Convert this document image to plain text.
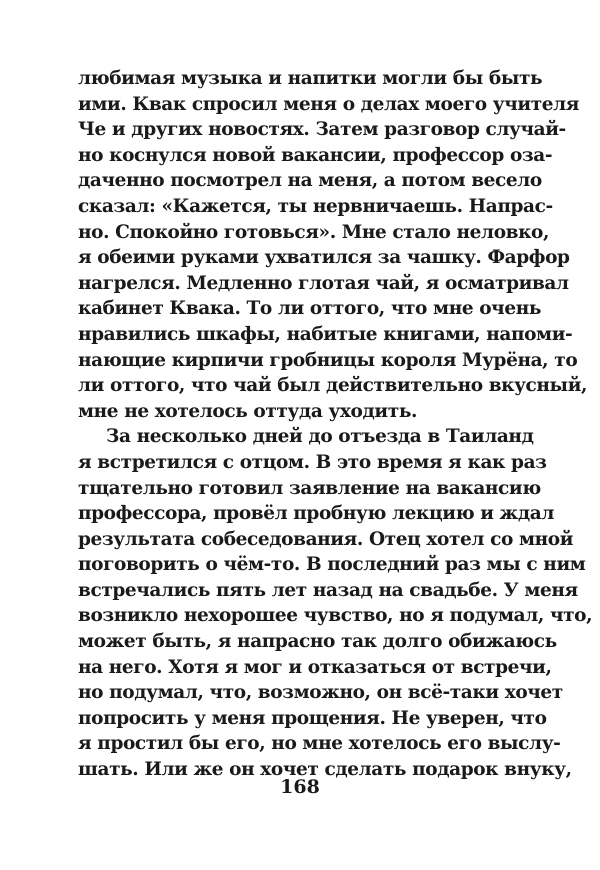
любимая музыка и напитки могли бы быть
ими. Квак спросил меня о делах моего учителя
Че и других новостях. Затем разговор случай-
но коснулся новой вакансии, профессор оза-
даченно посмотрел на меня, а потом весело
сказал: «Кажется, ты нервничаешь. Напрас-
но. Спокойно готовься». Мне стало неловко,
я обеими руками ухватился за чашку. Фарфор
нагрелся. Медленно глотая чай, я осматривал
кабинет Квака. То ли оттого, что мне очень
нравились шкафы, набитые книгами, напоми-
нающие кирпичи гробницы короля Мурёна, то
ли оттого, что чай был действительно вкусный,
мне не хотелось оттуда уходить.
За несколько дней до отъезда в Таиланд
я встретился с отцом. В это время я как раз
тщательно готовил заявление на вакансию
профессора, провёл пробную лекцию и ждал
результата собеседования. Отец хотел со мной
поговорить о чём-то. В последний раз мы с ним
встречались пять лет назад на свадьбе. У меня
возникло нехорошее чувство, но я подумал, что,
может быть, я напрасно так долго обижаюсь
на него. Хотя я мог и отказаться от встречи,
но подумал, что, возможно, он всё-таки хочет
попросить у меня прощения. Не уверен, что
я простил бы его, но мне хотелось его выслу-
шать. Или же он хочет сделать подарок внуку,
168
